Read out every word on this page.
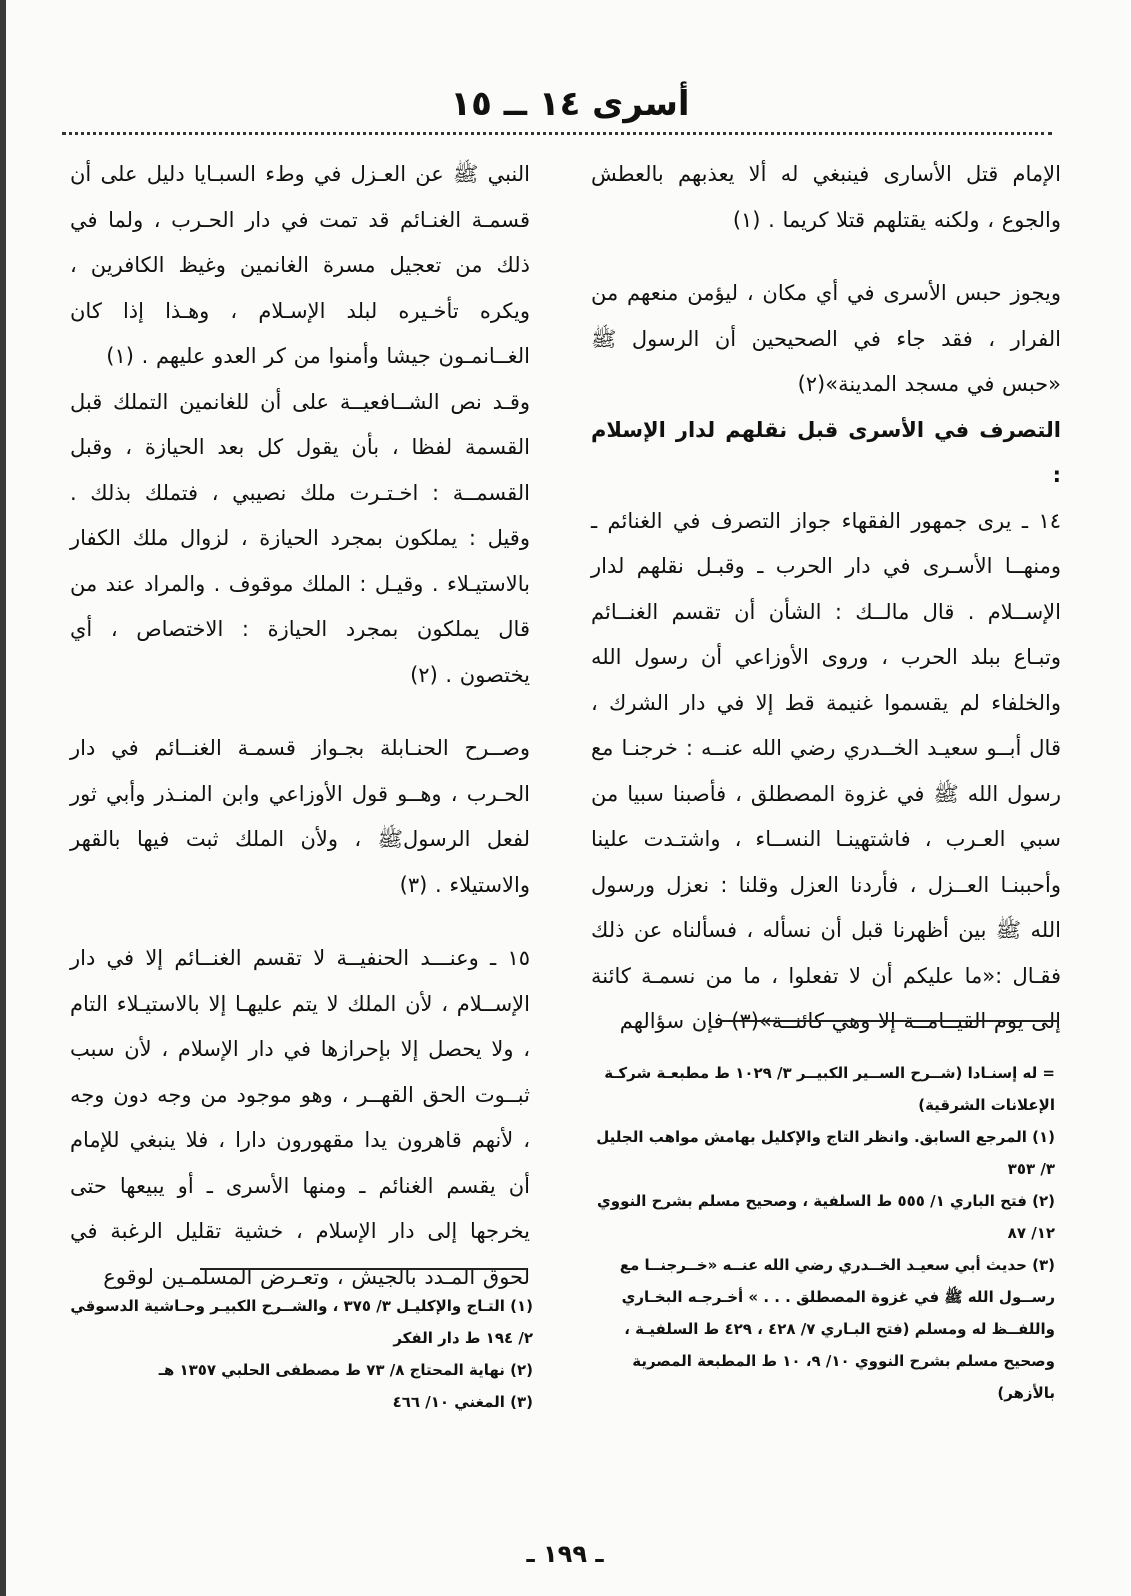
أسرى ١٤ ــ ١٥

الإمام قتل الأسارى فينبغي له ألا يعذبهم بالعطش والجوع ، ولكنه يقتلهم قتلا كريما . (١)

ويجوز حبس الأسرى في أي مكان ، ليؤمن منعهم من الفرار ، فقد جاء في الصحيحين أن الرسول ﷺ «حبس في مسجد المدينة»(٢)

التصرف في الأسرى قبل نقلهم لدار الإسلام :

١٤ ـ يرى جمهور الفقهاء جواز التصرف في الغنائم ـ ومنهــا الأسـرى في دار الحرب ـ وقبـل نقلهم لدار الإســلام . قال مالــك : الشأن أن تقسم الغنــائم وتبـاع ببلد الحرب ، وروى الأوزاعي أن رسول الله والخلفاء لم يقسموا غنيمة قط إلا في دار الشرك ، قال أبــو سعيـد الخــدري رضي الله عنــه : خرجنـا مع رسول الله ﷺ في غزوة المصطلق ، فأصبنا سبيا من سبي العـرب ، فاشتهينـا النســاء ، واشتـدت علينا وأحببنـا العــزل ، فأردنا العزل وقلنا : نعزل ورسول الله ﷺ بين أظهرنا قبل أن نسأله ، فسألناه عن ذلك فقـال :«ما عليكم أن لا تفعلوا ، ما من نسمـة كائنة إلى يوم القيــامــة إلا وهي كائنــة»(٣) فإن سؤالهم

النبي ﷺ عن العـزل في وطء السبـايا دليل على أن قسمـة الغنـائم قد تمت في دار الحـرب ، ولما في ذلك من تعجيل مسرة الغانمين وغيظ الكافرين ، ويكره تأخـيره لبلد الإسـلام ، وهـذا إذا كان الغــانمـون جيشا وأمنوا من كر العدو عليهم . (١)

وقـد نص الشــافعيــة على أن للغانمين التملك قبل القسمة لفظا ، بأن يقول كل بعد الحيازة ، وقبل القسمــة : اخـتـرت ملك نصيبي ، فتملك بذلك . وقيل : يملكون بمجرد الحيازة ، لزوال ملك الكفار بالاستيـلاء . وقيـل : الملك موقوف . والمراد عند من قال يملكون بمجرد الحيازة : الاختصاص ، أي يختصون . (٢)

وصــرح الحنـابلة بجـواز قسمـة الغنــائم في دار الحـرب ، وهــو قول الأوزاعي وابن المنـذر وأبي ثور لفعل الرسولﷺ ، ولأن الملك ثبت فيها بالقهر والاستيلاء . (٣)

١٥ ـ وعنـــد الحنفيــة لا تقسم الغنــائم إلا في دار الإســلام ، لأن الملك لا يتم عليهـا إلا بالاستيـلاء التام ، ولا يحصل إلا بإحرازها في دار الإسلام ، لأن سبب ثبــوت الحق القهــر ، وهو موجود من وجه دون وجه ، لأنهم قاهرون يدا مقهورون دارا ، فلا ينبغي للإمام أن يقسم الغنائم ـ ومنها الأسرى ـ أو يبيعها حتى يخرجها إلى دار الإسلام ، خشية تقليل الرغبة في لحوق المـدد بالجيش ، وتعـرض المسلمـين لوقوع

= له إسنـادا (شــرح الســير الكبيــر ٣/ ١٠٢٩ ط مطبعـة شركـة الإعلانات الشرقية)
(١) المرجع السابق. وانظر التاج والإكليل بهامش مواهب الجليل ٣/ ٣٥٣
(٢) فتح الباري ١/ ٥٥٥ ط السلفية ، وصحيح مسلم بشرح النووي ١٢/ ٨٧
(٣) حديث أبي سعيـد الخــدري رضي الله عنــه «خــرجنــا مع رســول الله ﷺ في غزوة المصطلق . . . » أخـرجـه البخـاري واللفــظ له ومسلم (فتح البـاري ٧/ ٤٢٨ ، ٤٢٩ ط السلفيـة ، وصحيح مسلم بشرح النووي ١٠/ ٩، ١٠ ط المطبعة المصرية بالأزهر)
(١) التـاج والإكليـل ٣/ ٣٧٥ ، والشــرح الكبيـر وحـاشية الدسوقي ٢/ ١٩٤ ط دار الفكر
(٢) نهاية المحتاج ٨/ ٧٣ ط مصطفى الحلبي ١٣٥٧ هـ
(٣) المغني ١٠/ ٤٦٦
ـ ١٩٩ ـ
